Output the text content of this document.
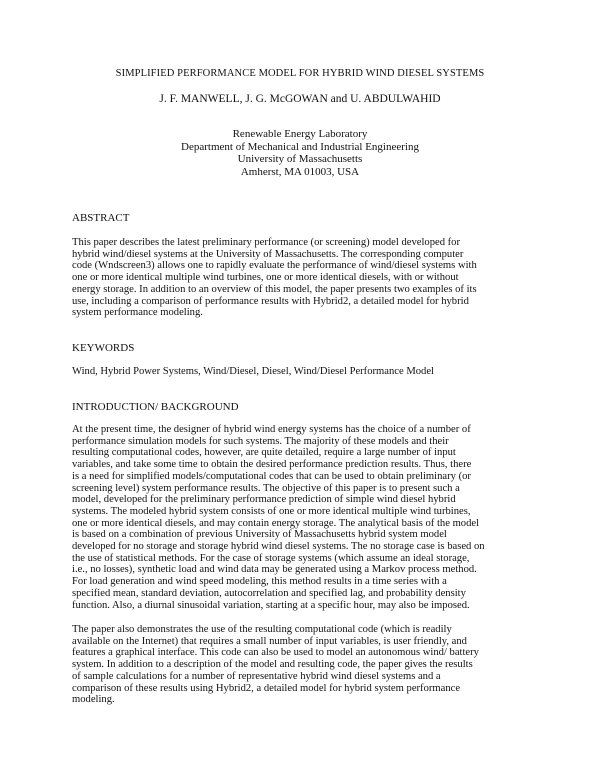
SIMPLIFIED PERFORMANCE MODEL FOR HYBRID WIND DIESEL SYSTEMS
J. F. MANWELL, J. G. McGOWAN and U. ABDULWAHID
Renewable Energy Laboratory
Department of Mechanical and Industrial Engineering
University of Massachusetts
Amherst, MA 01003, USA
ABSTRACT
This paper describes the latest preliminary performance (or screening) model developed for
hybrid wind/diesel systems at the University of Massachusetts. The corresponding computer
code (Wndscreen3) allows one to rapidly evaluate the performance of wind/diesel systems with
one or more identical multiple wind turbines, one or more identical diesels, with or without
energy storage. In addition to an overview of this model, the paper presents two examples of its
use, including a comparison of performance results with Hybrid2, a detailed model for hybrid
system performance modeling.
KEYWORDS
Wind, Hybrid Power Systems, Wind/Diesel, Diesel, Wind/Diesel Performance Model
INTRODUCTION/ BACKGROUND
At the present time, the designer of hybrid wind energy systems has the choice of a number of
performance simulation models for such systems. The majority of these models and their
resulting computational codes, however, are quite detailed, require a large number of input
variables, and take some time to obtain the desired performance prediction results. Thus, there
is a need for simplified models/computational codes that can be used to obtain preliminary (or
screening level) system performance results. The objective of this paper is to present such a
model, developed for the preliminary performance prediction of simple wind diesel hybrid
systems. The modeled hybrid system consists of one or more identical multiple wind turbines,
one or more identical diesels, and may contain energy storage. The analytical basis of the model
is based on a combination of previous University of Massachusetts hybrid system model
developed for no storage and storage hybrid wind diesel systems. The no storage case is based on
the use of statistical methods. For the case of storage systems (which assume an ideal storage,
i.e., no losses), synthetic load and wind data may be generated using a Markov process method.
For load generation and wind speed modeling, this method results in a time series with a
specified mean, standard deviation, autocorrelation and specified lag, and probability density
function. Also, a diurnal sinusoidal variation, starting at a specific hour, may also be imposed.
The paper also demonstrates the use of the resulting computational code (which is readily
available on the Internet) that requires a small number of input variables, is user friendly, and
features a graphical interface. This code can also be used to model an autonomous wind/ battery
system. In addition to a description of the model and resulting code, the paper gives the results
of sample calculations for a number of representative hybrid wind diesel systems and a
comparison of these results using Hybrid2, a detailed model for hybrid system performance
modeling.
